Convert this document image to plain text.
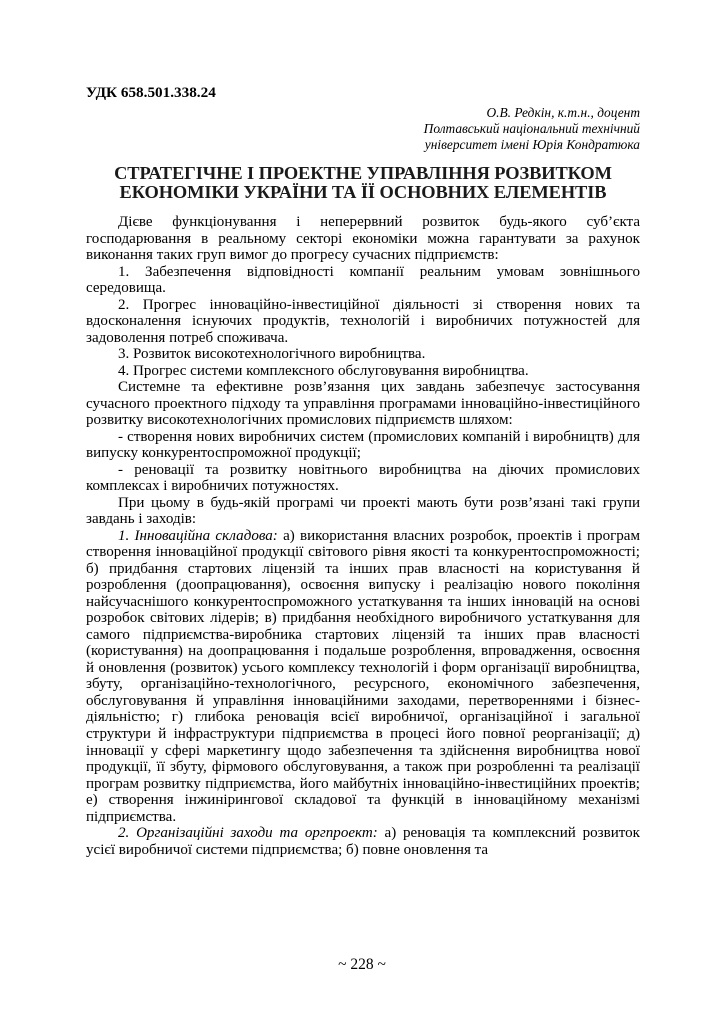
УДК 658.501.338.24
О.В. Редкін, к.т.н., доцент
Полтавський національний технічний
університет імені Юрія Кондратюка
СТРАТЕГІЧНЕ І ПРОЕКТНЕ УПРАВЛІННЯ РОЗВИТКОМ
ЕКОНОМІКИ УКРАЇНИ ТА ЇЇ ОСНОВНИХ ЕЛЕМЕНТІВ

Дієве функціонування і неперервний розвиток будь-якого суб’єкта господарювання в реальному секторі економіки можна гарантувати за рахунок виконання таких груп вимог до прогресу сучасних підприємств:

1. Забезпечення відповідності компанії реальним умовам зовнішнього середовища.

2. Прогрес інноваційно-інвестиційної діяльності зі створення нових та вдосконалення існуючих продуктів, технологій і виробничих потужностей для задоволення потреб споживача.

3. Розвиток високотехнологічного виробництва.

4. Прогрес системи комплексного обслуговування виробництва.

Системне та ефективне розв’язання цих завдань забезпечує застосування сучасного проектного підходу та управління програмами інноваційно-інвестиційного розвитку високотехнологічних промислових підприємств шляхом:

- створення нових виробничих систем (промислових компаній і виробництв) для випуску конкурентоспроможної продукції;

- реновації та розвитку новітнього виробництва на діючих промислових комплексах і виробничих потужностях.

При цьому в будь-якій програмі чи проекті мають бути розв’язані такі групи завдань і заходів:

1. Інноваційна складова: а) використання власних розробок, проектів і програм створення інноваційної продукції світового рівня якості та конкурентоспроможності; б) придбання стартових ліцензій та інших прав власності на користування й розроблення (доопрацювання), освоєння випуску і реалізацію нового покоління найсучаснішого конкурентоспроможного устаткування та інших інновацій на основі розробок світових лідерів; в) придбання необхідного виробничого устаткування для самого підприємства-виробника стартових ліцензій та інших прав власності (користування) на доопрацювання і подальше розроблення, впровадження, освоєння й оновлення (розвиток) усього комплексу технологій і форм організації виробництва, збуту, організаційно-технологічного, ресурсного, економічного забезпечення, обслуговування й управління інноваційними заходами, перетвореннями і бізнес-діяльністю; г) глибока реновація всієї виробничої, організаційної і загальної структури й інфраструктури підприємства в процесі його повної реорганізації; д) інновації у сфері маркетингу щодо забезпечення та здійснення виробництва нової продукції, її збуту, фірмового обслуговування, а також при розробленні та реалізації програм розвитку підприємства, його майбутніх інноваційно-інвестиційних проектів; е) створення інжинірингової складової та функцій в інноваційному механізмі підприємства.

2. Організаційні заходи та оргпроект: а) реновація та комплексний розвиток усієї виробничої системи підприємства; б) повне оновлення та

~ 228 ~
